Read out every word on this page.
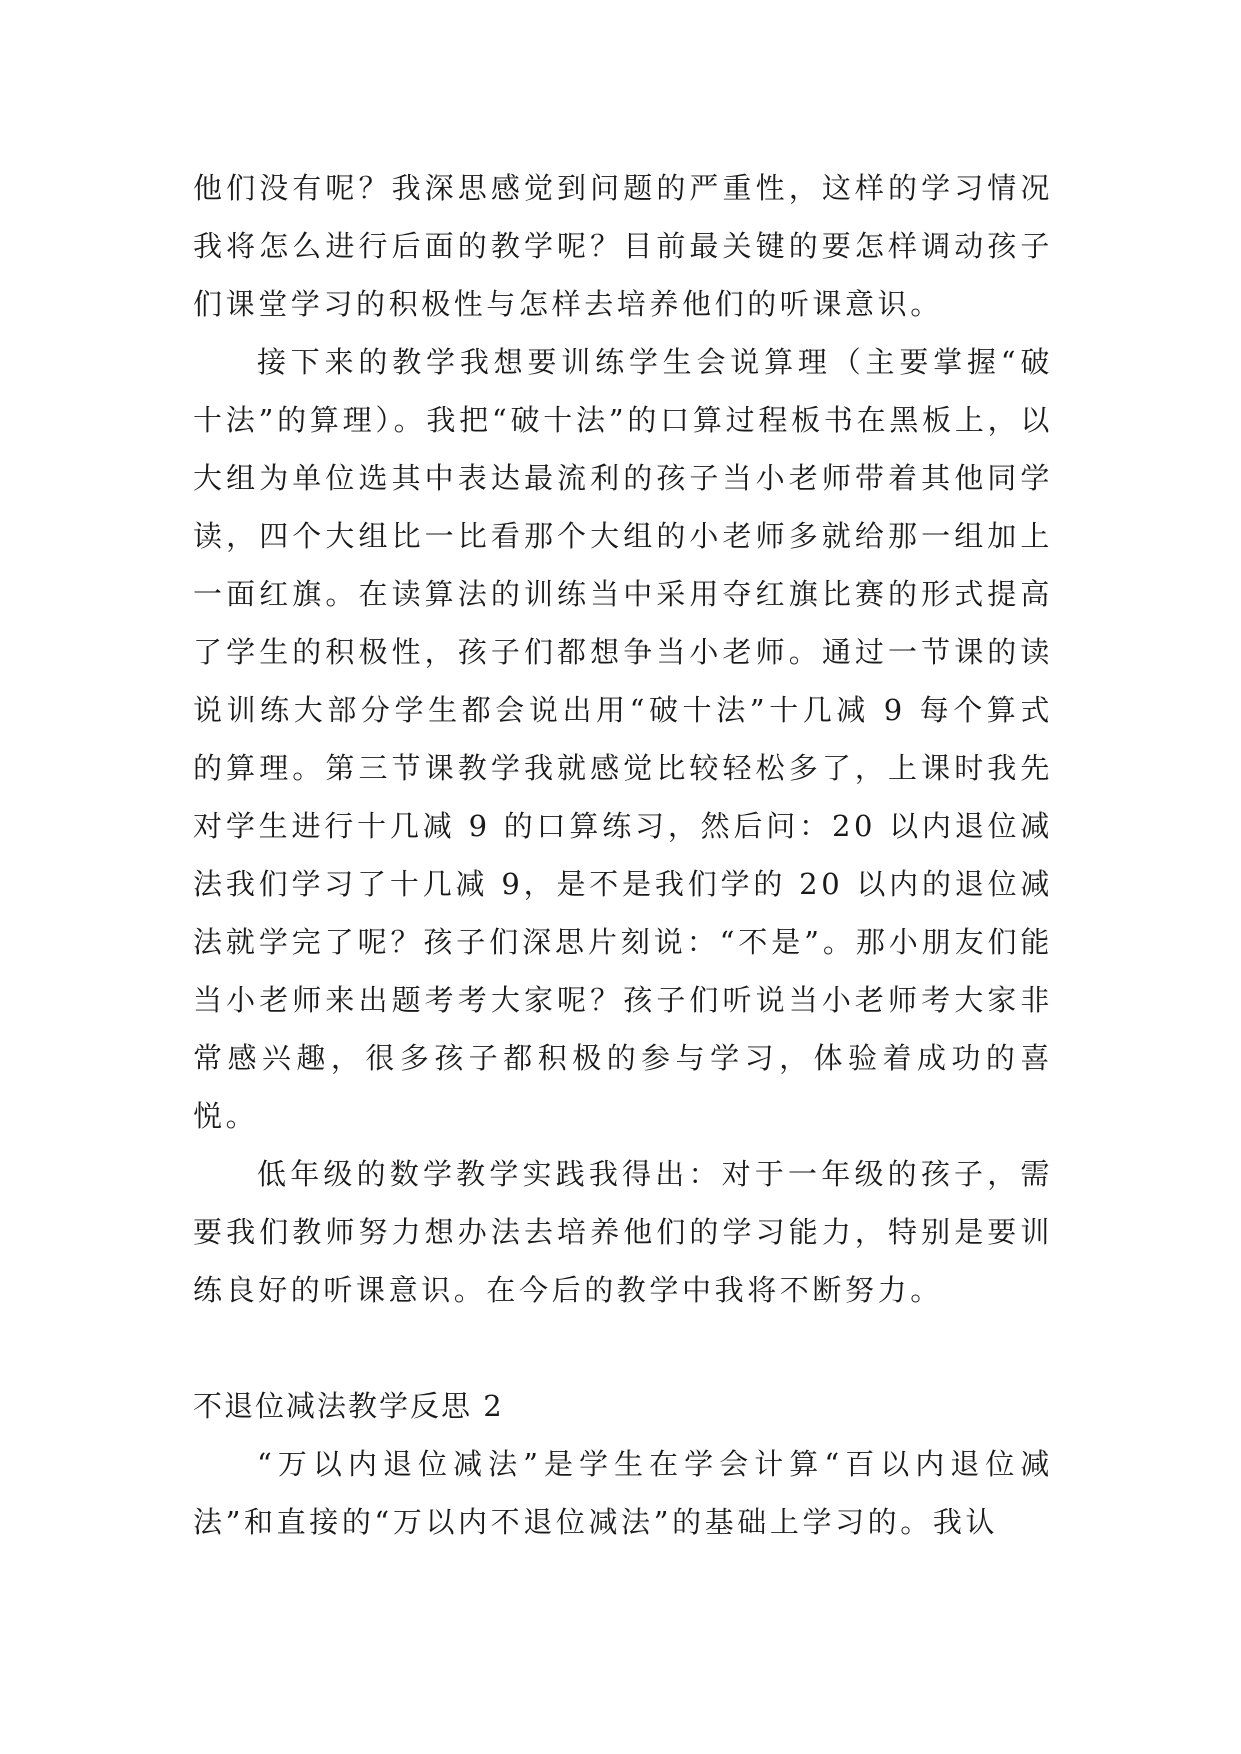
他们没有呢？我深思感觉到问题的严重性，这样的学习情况我将怎么进行后面的教学呢？目前最关键的要怎样调动孩子们课堂学习的积极性与怎样去培养他们的听课意识。

接下来的教学我想要训练学生会说算理（主要掌握“破十法”的算理）。我把“破十法”的口算过程板书在黑板上，以大组为单位选其中表达最流利的孩子当小老师带着其他同学读，四个大组比一比看那个大组的小老师多就给那一组加上一面红旗。在读算法的训练当中采用夺红旗比赛的形式提高了学生的积极性，孩子们都想争当小老师。通过一节课的读说训练大部分学生都会说出用“破十法”十几减 9 每个算式的算理。第三节课教学我就感觉比较轻松多了，上课时我先对学生进行十几减 9 的口算练习，然后问：20 以内退位减法我们学习了十几减 9，是不是我们学的 20 以内的退位减法就学完了呢？孩子们深思片刻说：“不是”。那小朋友们能当小老师来出题考考大家呢？孩子们听说当小老师考大家非常感兴趣，很多孩子都积极的参与学习，体验着成功的喜悦。

低年级的数学教学实践我得出：对于一年级的孩子，需要我们教师努力想办法去培养他们的学习能力，特别是要训练良好的听课意识。在今后的教学中我将不断努力。

不退位减法教学反思 2

“万以内退位减法”是学生在学会计算“百以内退位减法”和直接的“万以内不退位减法”的基础上学习的。我认
